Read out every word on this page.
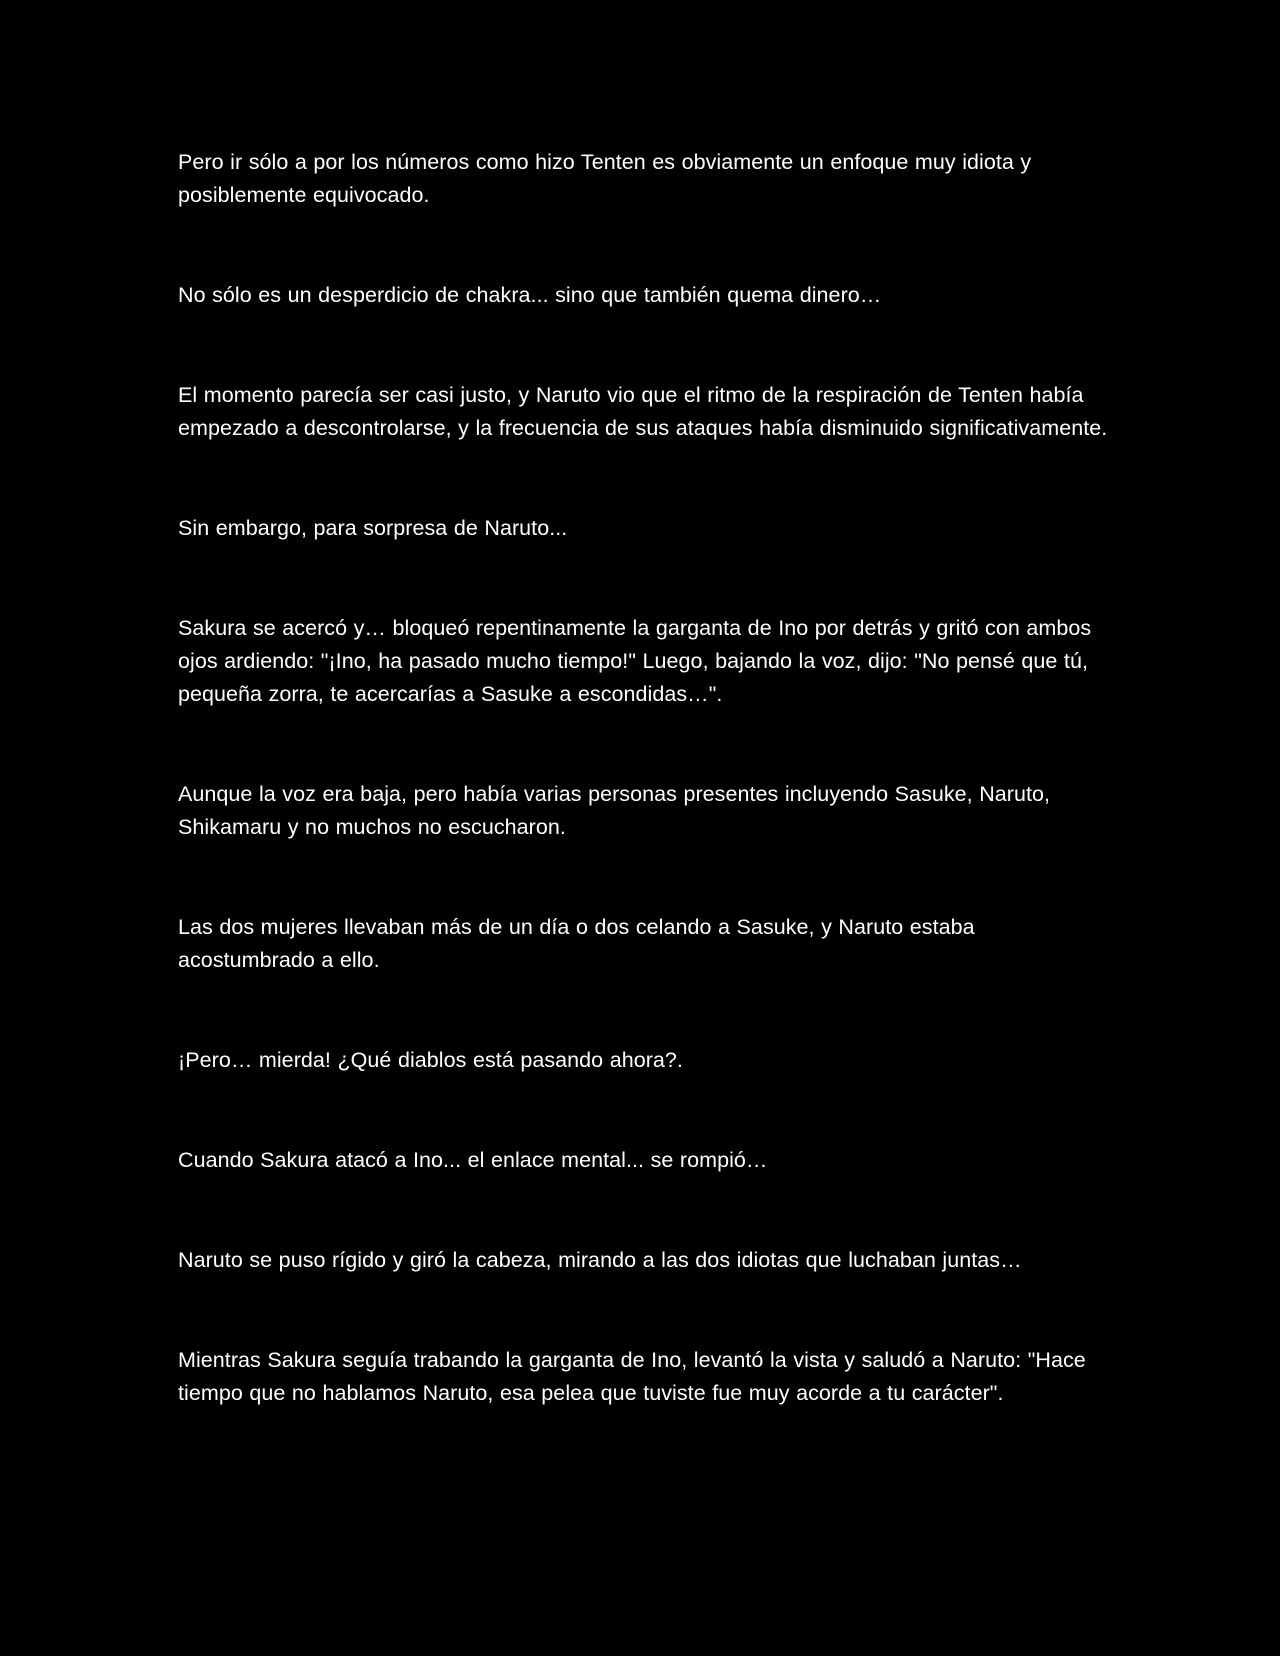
Pero ir sólo a por los números como hizo Tenten es obviamente un enfoque muy idiota y posiblemente equivocado.

No sólo es un desperdicio de chakra... sino que también quema dinero…

El momento parecía ser casi justo, y Naruto vio que el ritmo de la respiración de Tenten había empezado a descontrolarse, y la frecuencia de sus ataques había disminuido significativamente.

Sin embargo, para sorpresa de Naruto...

Sakura se acercó y… bloqueó repentinamente la garganta de Ino por detrás y gritó con ambos ojos ardiendo: "¡Ino, ha pasado mucho tiempo!" Luego, bajando la voz, dijo: "No pensé que tú, pequeña zorra, te acercarías a Sasuke a escondidas…".

Aunque la voz era baja, pero había varias personas presentes incluyendo Sasuke, Naruto, Shikamaru y no muchos no escucharon.

Las dos mujeres llevaban más de un día o dos celando a Sasuke, y Naruto estaba acostumbrado a ello.

¡Pero… mierda! ¿Qué diablos está pasando ahora?.

Cuando Sakura atacó a Ino... el enlace mental... se rompió…

Naruto se puso rígido y giró la cabeza, mirando a las dos idiotas que luchaban juntas…

Mientras Sakura seguía trabando la garganta de Ino, levantó la vista y saludó a Naruto: "Hace tiempo que no hablamos Naruto, esa pelea que tuviste fue muy acorde a tu carácter".
